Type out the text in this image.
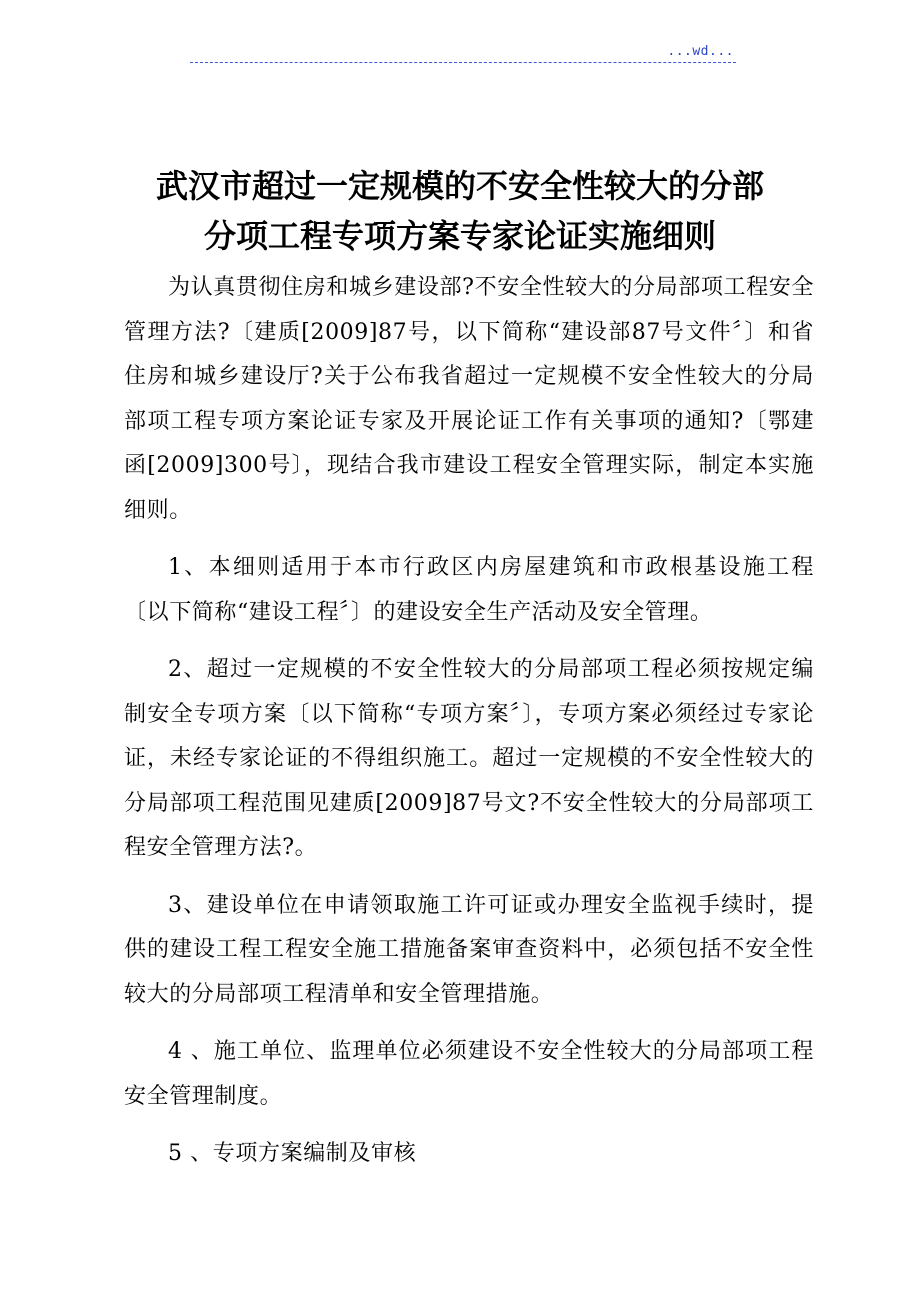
...wd...
武汉市超过一定规模的不安全性较大的分部
分项工程专项方案专家论证实施细则

为认真贯彻住房和城乡建设部?不安全性较大的分局部项工程安全管理方法?〔建质[2009]87号，以下简称“建设部87号文件〞〕和省住房和城乡建设厅?关于公布我省超过一定规模不安全性较大的分局部项工程专项方案论证专家及开展论证工作有关事项的通知?〔鄂建函[2009]300号〕，现结合我市建设工程安全管理实际，制定本实施细则。

1、本细则适用于本市行政区内房屋建筑和市政根基设施工程〔以下简称“建设工程〞〕的建设安全生产活动及安全管理。

2、超过一定规模的不安全性较大的分局部项工程必须按规定编制安全专项方案〔以下简称“专项方案〞〕，专项方案必须经过专家论证，未经专家论证的不得组织施工。超过一定规模的不安全性较大的分局部项工程范围见建质[2009]87号文?不安全性较大的分局部项工程安全管理方法?。

3、建设单位在申请领取施工许可证或办理安全监视手续时，提供的建设工程工程安全施工措施备案审查资料中，必须包括不安全性较大的分局部项工程清单和安全管理措施。

4 、施工单位、监理单位必须建设不安全性较大的分局部项工程安全管理制度。

5 、专项方案编制及审核
